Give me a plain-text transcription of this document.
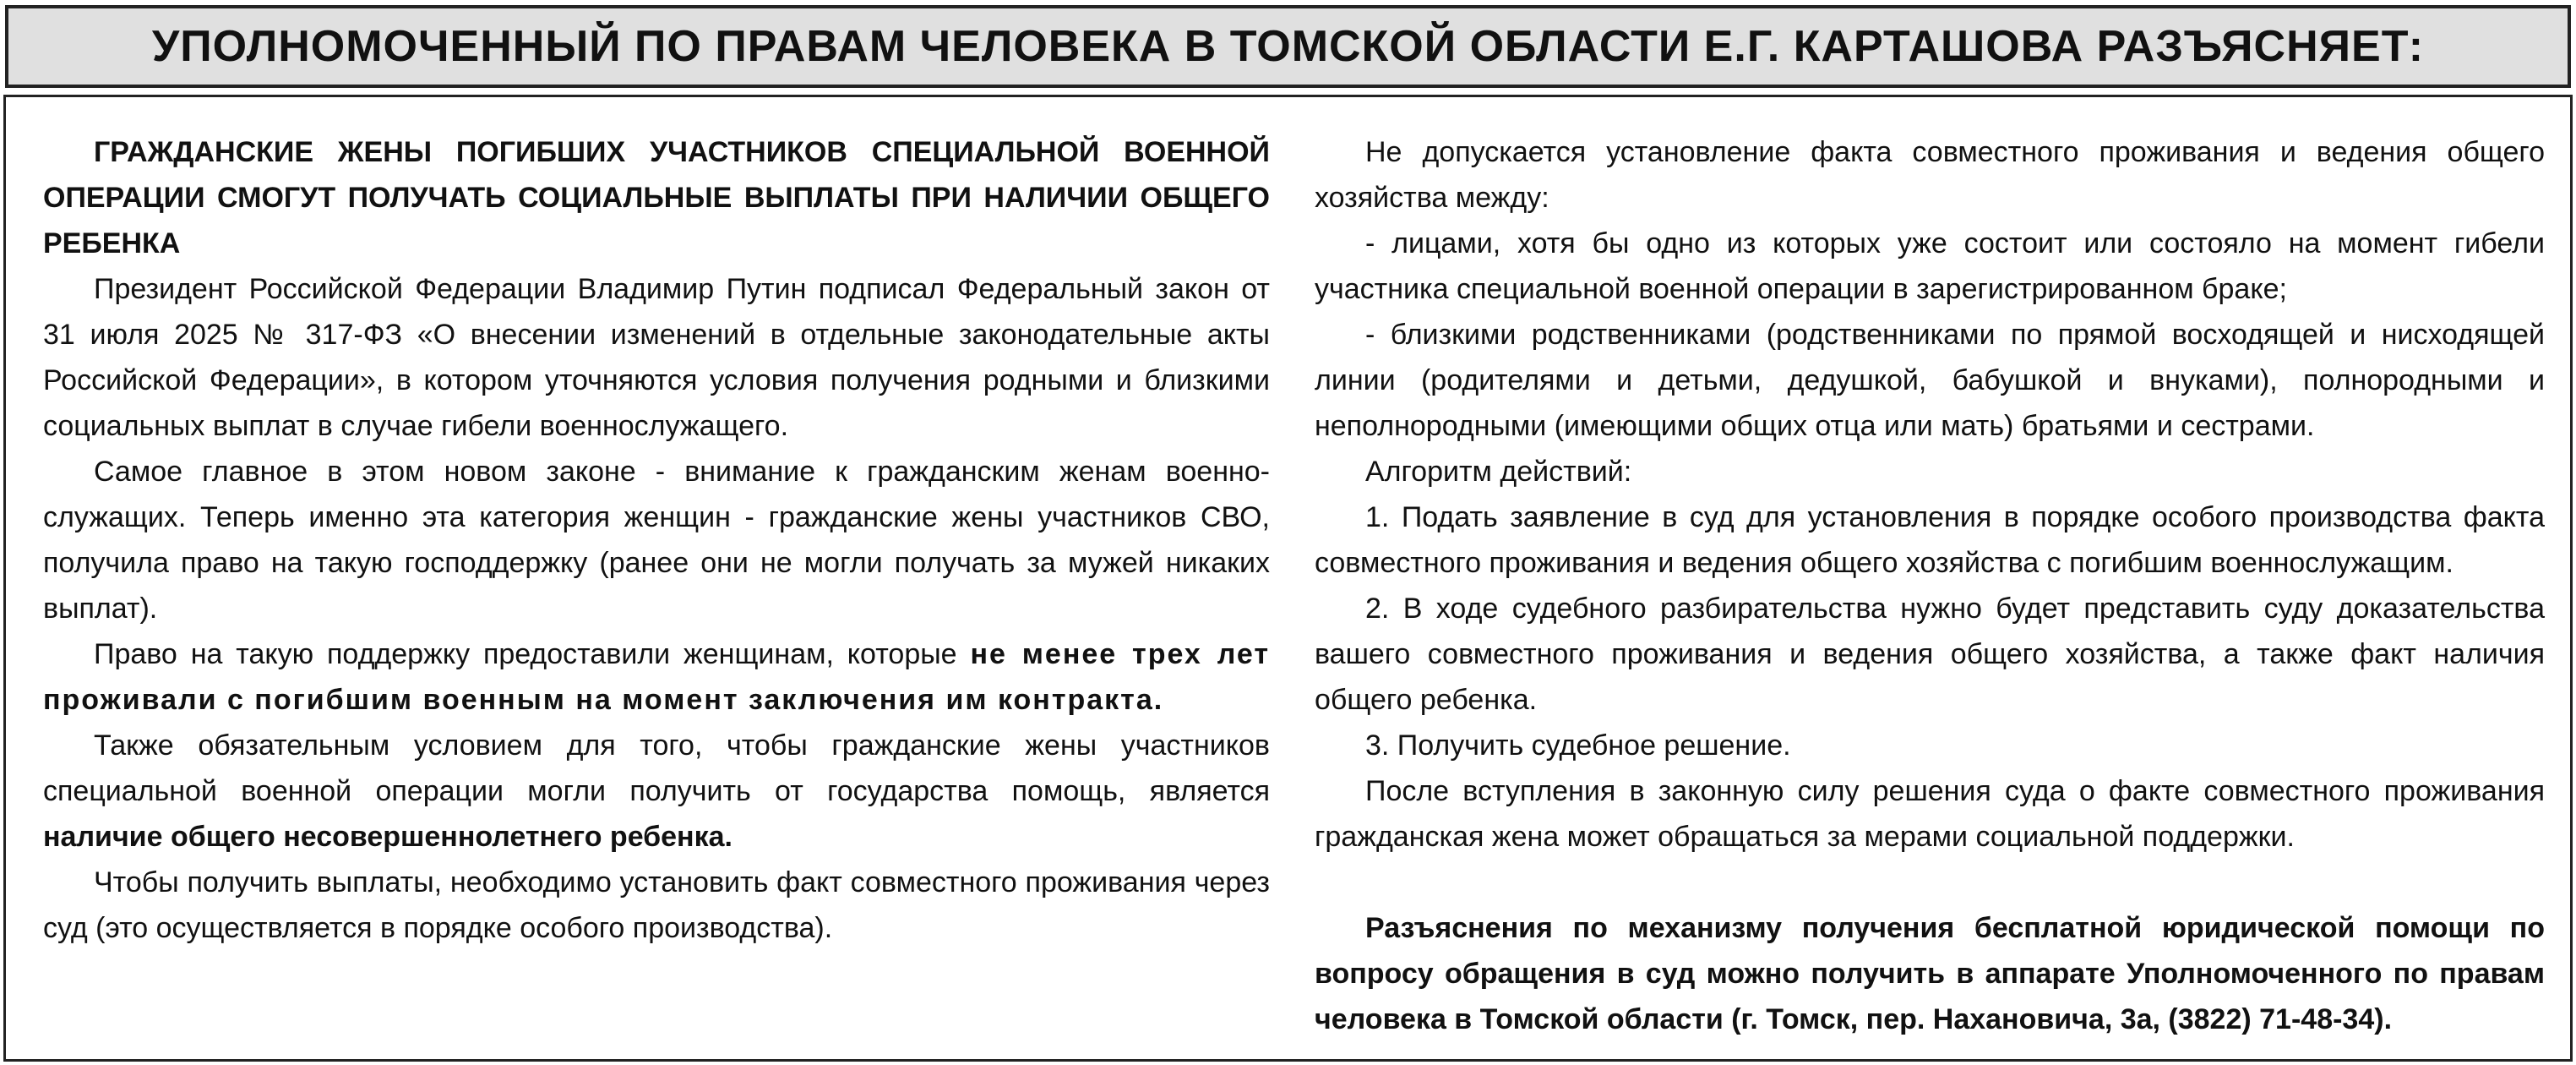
УПОЛНОМОЧЕННЫЙ ПО ПРАВАМ ЧЕЛОВЕКА В ТОМСКОЙ ОБЛАСТИ Е.Г. КАРТАШОВА РАЗЪЯСНЯЕТ:

ГРАЖДАНСКИЕ ЖЕНЫ ПОГИБШИХ УЧАСТНИКОВ СПЕЦИАЛЬНОЙ ВОЕННОЙ ОПЕРАЦИИ СМОГУТ ПОЛУЧАТЬ СОЦИАЛЬНЫЕ ВЫПЛАТЫ ПРИ НАЛИЧИИ ОБЩЕГО РЕБЕНКА

Президент Российской Федерации Владимир Путин подписал Федеральный закон от 31 июля 2025 № 317-ФЗ «О внесении изменений в отдельные законодательные акты Российской Федерации», в котором уточняются условия получения родными и близкими социальных выплат в случае гибели военнослужащего.

Самое главное в этом новом законе - внимание к гражданским женам военнослужащих. Теперь именно эта категория женщин - гражданские жены участников СВО, получила право на такую господдержку (ранее они не могли получать за мужей никаких выплат).

Право на такую поддержку предоставили женщинам, которые не менее трех лет проживали с погибшим военным на момент заключения им контракта.

Также обязательным условием для того, чтобы гражданские жены участников специальной военной операции могли получить от государства помощь, является наличие общего несовершеннолетнего ребенка.

Чтобы получить выплаты, необходимо установить факт совместного проживания через суд (это осуществляется в порядке особого производства).

Не допускается установление факта совместного проживания и ведения общего хозяйства между:

- лицами, хотя бы одно из которых уже состоит или состояло на момент гибели участника специальной военной операции в зарегистрированном браке;

- близкими родственниками (родственниками по прямой восходящей и нисходящей линии (родителями и детьми, дедушкой, бабушкой и внуками), полнородными и неполнородными (имеющими общих отца или мать) братьями и сестрами.

Алгоритм действий:

1. Подать заявление в суд для установления в порядке особого производства факта совместного проживания и ведения общего хозяйства с погибшим военнослужащим.

2. В ходе судебного разбирательства нужно будет представить суду доказательства вашего совместного проживания и ведения общего хозяйства, а также факт наличия общего ребенка.

3. Получить судебное решение.

После вступления в законную силу решения суда о факте совместного проживания гражданская жена может обращаться за мерами социальной поддержки.

Разъяснения по механизму получения бесплатной юридической помощи по вопросу обращения в суд можно получить в аппарате Уполномоченного по правам человека в Томской области (г. Томск, пер. Нахановича, 3а, (3822) 71-48-34).
